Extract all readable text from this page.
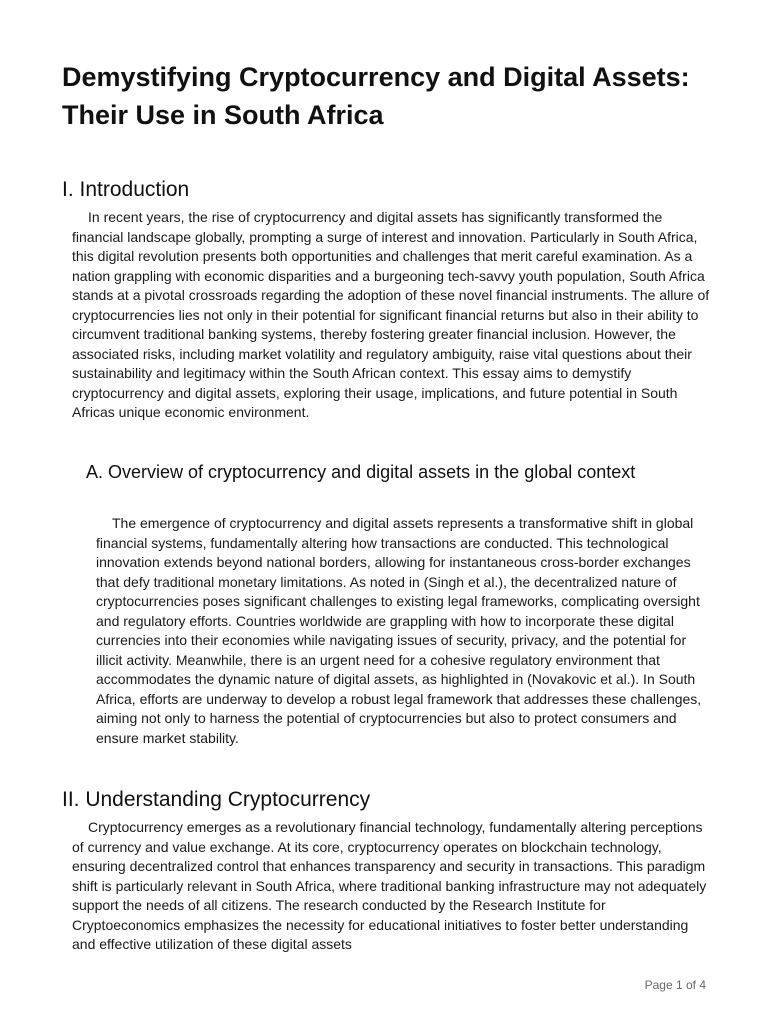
Demystifying Cryptocurrency and Digital Assets: Their Use in South Africa
I. Introduction

In recent years, the rise of cryptocurrency and digital assets has significantly transformed the financial landscape globally, prompting a surge of interest and innovation. Particularly in South Africa, this digital revolution presents both opportunities and challenges that merit careful examination. As a nation grappling with economic disparities and a burgeoning tech-savvy youth population, South Africa stands at a pivotal crossroads regarding the adoption of these novel financial instruments. The allure of cryptocurrencies lies not only in their potential for significant financial returns but also in their ability to circumvent traditional banking systems, thereby fostering greater financial inclusion. However, the associated risks, including market volatility and regulatory ambiguity, raise vital questions about their sustainability and legitimacy within the South African context. This essay aims to demystify cryptocurrency and digital assets, exploring their usage, implications, and future potential in South Africas unique economic environment.

A. Overview of cryptocurrency and digital assets in the global context

The emergence of cryptocurrency and digital assets represents a transformative shift in global financial systems, fundamentally altering how transactions are conducted. This technological innovation extends beyond national borders, allowing for instantaneous cross-border exchanges that defy traditional monetary limitations. As noted in (Singh et al.), the decentralized nature of cryptocurrencies poses significant challenges to existing legal frameworks, complicating oversight and regulatory efforts. Countries worldwide are grappling with how to incorporate these digital currencies into their economies while navigating issues of security, privacy, and the potential for illicit activity. Meanwhile, there is an urgent need for a cohesive regulatory environment that accommodates the dynamic nature of digital assets, as highlighted in (Novakovic et al.). In South Africa, efforts are underway to develop a robust legal framework that addresses these challenges, aiming not only to harness the potential of cryptocurrencies but also to protect consumers and ensure market stability.

II. Understanding Cryptocurrency

Cryptocurrency emerges as a revolutionary financial technology, fundamentally altering perceptions of currency and value exchange. At its core, cryptocurrency operates on blockchain technology, ensuring decentralized control that enhances transparency and security in transactions. This paradigm shift is particularly relevant in South Africa, where traditional banking infrastructure may not adequately support the needs of all citizens. The research conducted by the Research Institute for Cryptoeconomics emphasizes the necessity for educational initiatives to foster better understanding and effective utilization of these digital assets

Page 1 of 4
